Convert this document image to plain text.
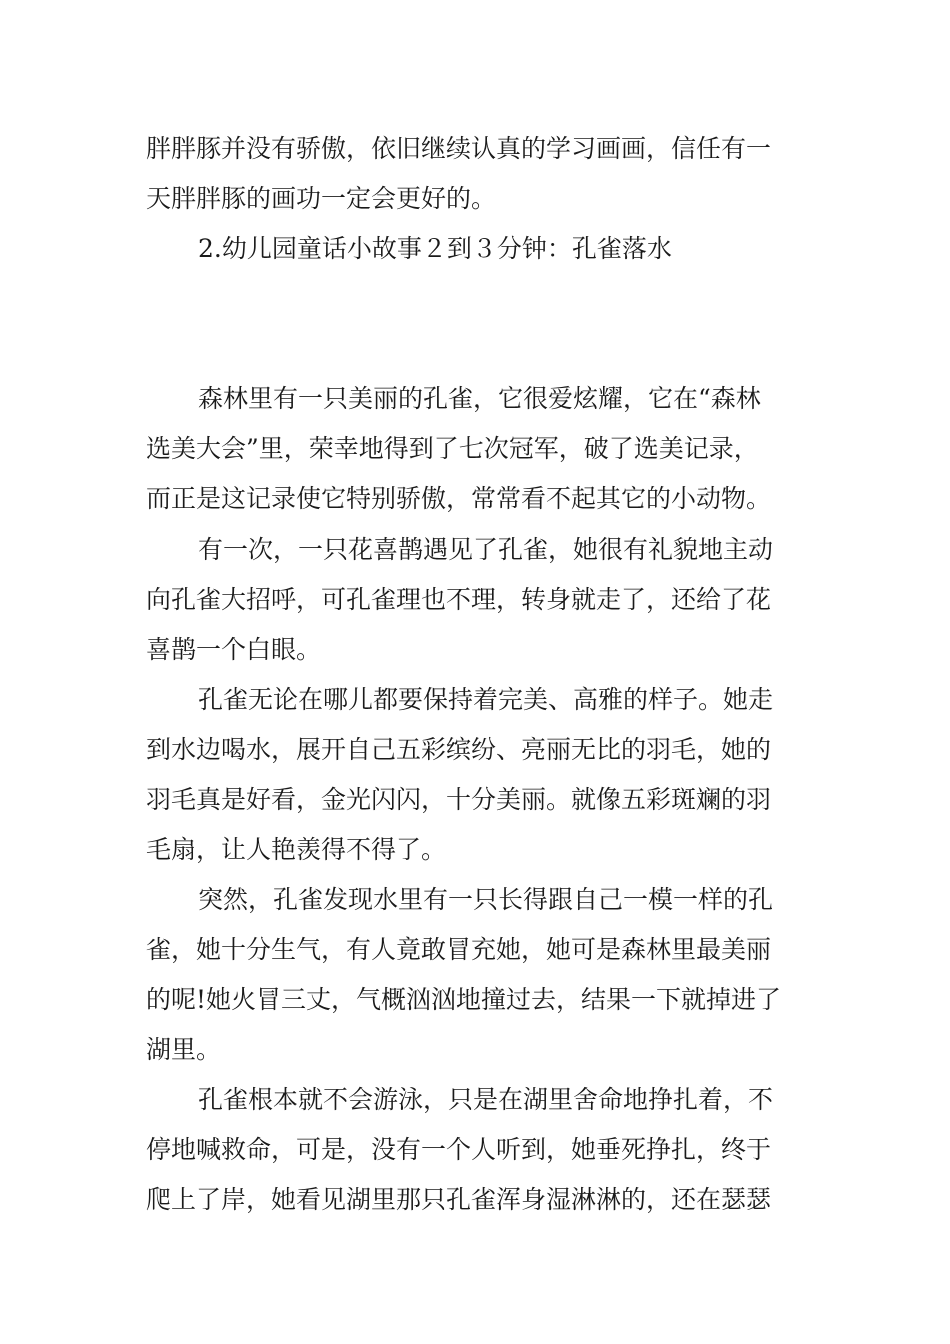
胖胖豚并没有骄傲，依旧继续认真的学习画画，信任有一
天胖胖豚的画功一定会更好的。
2.幼儿园童话小故事２到３分钟：孔雀落水
森林里有一只美丽的孔雀，它很爱炫耀，它在“森林
选美大会”里，荣幸地得到了七次冠军，破了选美记录，
而正是这记录使它特别骄傲，常常看不起其它的小动物。
有一次，一只花喜鹊遇见了孔雀，她很有礼貌地主动
向孔雀大招呼，可孔雀理也不理，转身就走了，还给了花
喜鹊一个白眼。
孔雀无论在哪儿都要保持着完美、高雅的样子。她走
到水边喝水，展开自己五彩缤纷、亮丽无比的羽毛，她的
羽毛真是好看，金光闪闪，十分美丽。就像五彩斑斓的羽
毛扇，让人艳羡得不得了。
突然，孔雀发现水里有一只长得跟自己一模一样的孔
雀，她十分生气，有人竟敢冒充她，她可是森林里最美丽
的呢!她火冒三丈，气概汹汹地撞过去，结果一下就掉进了
湖里。
孔雀根本就不会游泳，只是在湖里舍命地挣扎着，不
停地喊救命，可是，没有一个人听到，她垂死挣扎，终于
爬上了岸，她看见湖里那只孔雀浑身湿淋淋的，还在瑟瑟
